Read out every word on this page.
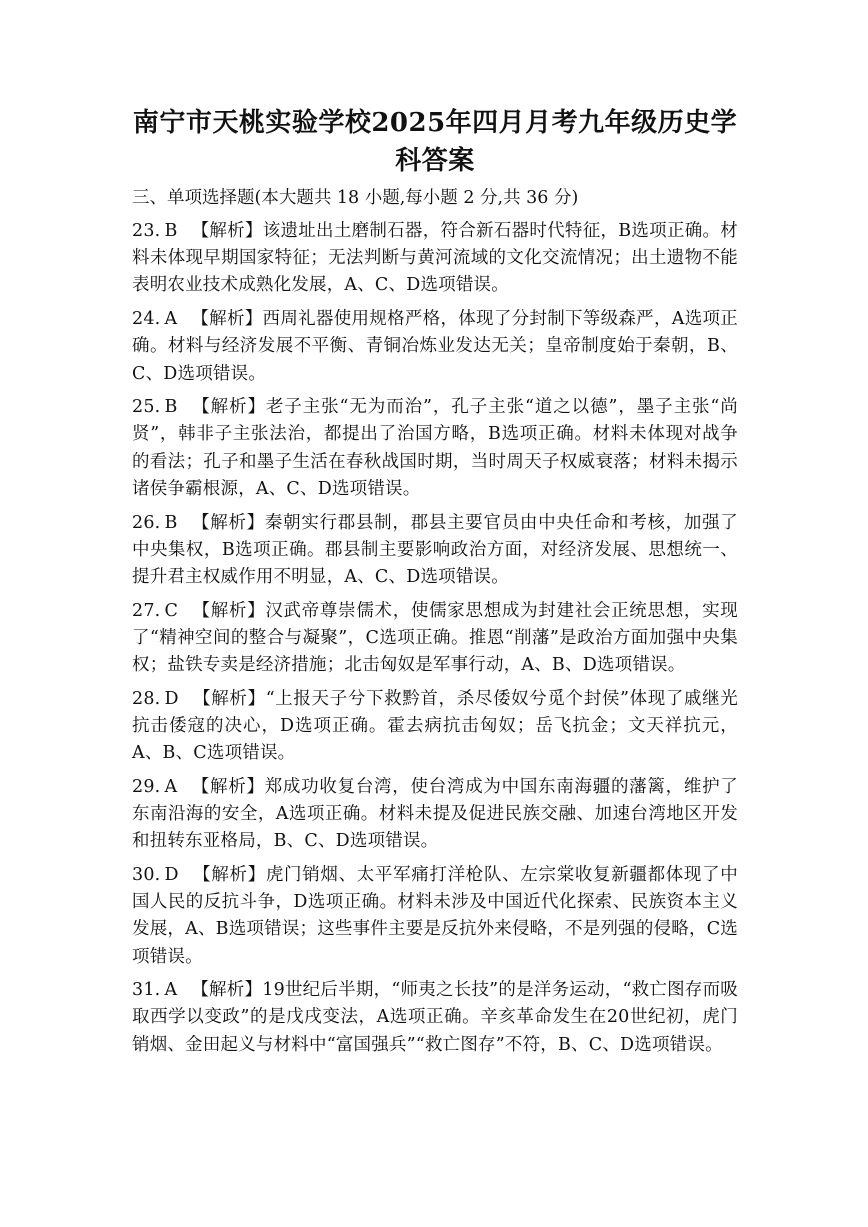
南宁市天桃实验学校2025年四月月考九年级历史学
科答案
三、单项选择题(本大题共 18 小题,每小题 2 分,共 36 分)
23. B 【解析】该遗址出土磨制石器，符合新石器时代特征，B选项正确。材料未体现早期国家特征；无法判断与黄河流域的文化交流情况；出土遗物不能表明农业技术成熟化发展，A、C、D选项错误。
24. A 【解析】西周礼器使用规格严格，体现了分封制下等级森严，A选项正确。材料与经济发展不平衡、青铜冶炼业发达无关；皇帝制度始于秦朝，B、C、D选项错误。
25. B 【解析】老子主张“无为而治”，孔子主张“道之以德”，墨子主张“尚贤”，韩非子主张法治，都提出了治国方略，B选项正确。材料未体现对战争的看法；孔子和墨子生活在春秋战国时期，当时周天子权威衰落；材料未揭示诸侯争霸根源，A、C、D选项错误。
26. B 【解析】秦朝实行郡县制，郡县主要官员由中央任命和考核，加强了中央集权，B选项正确。郡县制主要影响政治方面，对经济发展、思想统一、提升君主权威作用不明显，A、C、D选项错误。
27. C 【解析】汉武帝尊崇儒术，使儒家思想成为封建社会正统思想，实现了“精神空间的整合与凝聚”，C选项正确。推恩“削藩”是政治方面加强中央集权；盐铁专卖是经济措施；北击匈奴是军事行动，A、B、D选项错误。
28. D 【解析】“上报天子兮下救黔首，杀尽倭奴兮觅个封侯”体现了戚继光抗击倭寇的决心，D选项正确。霍去病抗击匈奴；岳飞抗金；文天祥抗元，A、B、C选项错误。
29. A 【解析】郑成功收复台湾，使台湾成为中国东南海疆的藩篱，维护了东南沿海的安全，A选项正确。材料未提及促进民族交融、加速台湾地区开发和扭转东亚格局，B、C、D选项错误。
30. D 【解析】虎门销烟、太平军痛打洋枪队、左宗棠收复新疆都体现了中国人民的反抗斗争，D选项正确。材料未涉及中国近代化探索、民族资本主义发展，A、B选项错误；这些事件主要是反抗外来侵略，不是列强的侵略，C选项错误。
31. A 【解析】19世纪后半期，“师夷之长技”的是洋务运动，“救亡图存而吸取西学以变政”的是戊戌变法，A选项正确。辛亥革命发生在20世纪初，虎门销烟、金田起义与材料中“富国强兵”“救亡图存”不符，B、C、D选项错误。
